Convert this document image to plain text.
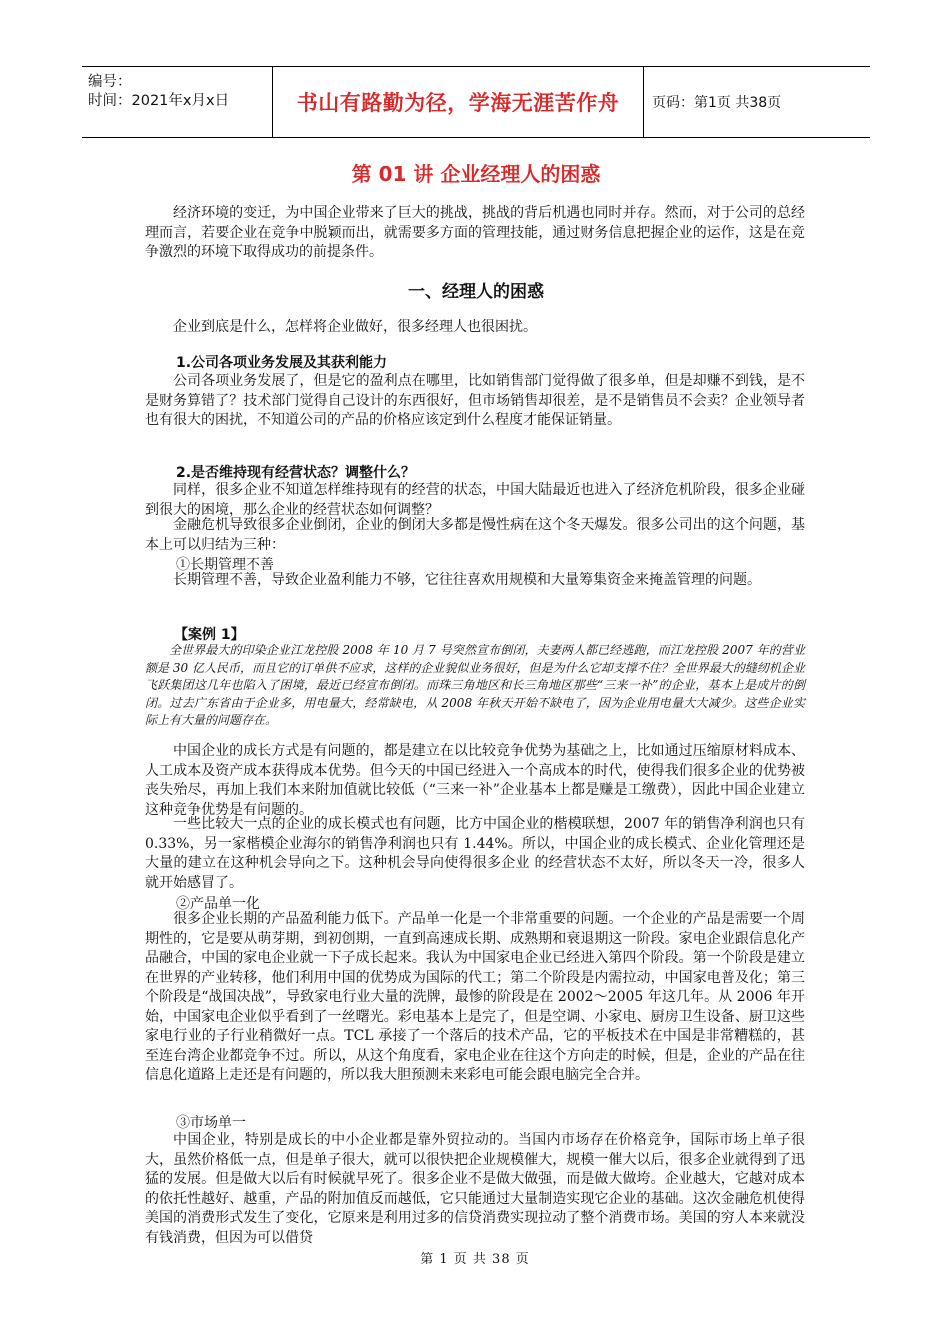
编号：
时间：2021年x月x日	书山有路勤为径，学海无涯苦作舟	页码：第1页 共38页
第 01 讲 企业经理人的困惑
经济环境的变迁，为中国企业带来了巨大的挑战，挑战的背后机遇也同时并存。然而，对于公司的总经理而言，若要企业在竞争中脱颖而出，就需要多方面的管理技能，通过财务信息把握企业的运作，这是在竞争激烈的环境下取得成功的前提条件。
一、经理人的困惑
企业到底是什么，怎样将企业做好，很多经理人也很困扰。
1.公司各项业务发展及其获利能力
公司各项业务发展了，但是它的盈利点在哪里，比如销售部门觉得做了很多单，但是却赚不到钱，是不是财务算错了？技术部门觉得自己设计的东西很好，但市场销售却很差，是不是销售员不会卖？企业领导者也有很大的困扰，不知道公司的产品的价格应该定到什么程度才能保证销量。
2.是否维持现有经营状态？调整什么？
同样，很多企业不知道怎样维持现有的经营的状态，中国大陆最近也进入了经济危机阶段，很多企业碰到很大的困境，那么企业的经营状态如何调整？
金融危机导致很多企业倒闭，企业的倒闭大多都是慢性病在这个冬天爆发。很多公司出的这个问题，基本上可以归结为三种：
①长期管理不善
长期管理不善，导致企业盈利能力不够，它往往喜欢用规模和大量筹集资金来掩盖管理的问题。
【案例 1】
全世界最大的印染企业江龙控股 2008 年 10 月 7 号突然宣布倒闭，夫妻两人都已经逃跑，而江龙控股 2007 年的营业额是 30 亿人民币，而且它的订单供不应求，这样的企业貌似业务很好，但是为什么它却支撑不住？全世界最大的缝纫机企业飞跃集团这几年也陷入了困境，最近已经宣布倒闭。而珠三角地区和长三角地区那些“三来一补”的企业，基本上是成片的倒闭。过去广东省由于企业多，用电量大，经常缺电，从 2008 年秋天开始不缺电了，因为企业用电量大大减少。这些企业实际上有大量的问题存在。
中国企业的成长方式是有问题的，都是建立在以比较竞争优势为基础之上，比如通过压缩原材料成本、人工成本及资产成本获得成本优势。但今天的中国已经进入一个高成本的时代，使得我们很多企业的优势被丧失殆尽，再加上我们本来附加值就比较低（“三来一补”企业基本上都是赚是工缴费），因此中国企业建立这种竞争优势是有问题的。
一些比较大一点的企业的成长模式也有问题，比方中国企业的楷模联想，2007 年的销售净利润也只有 0.33%，另一家楷模企业海尔的销售净利润也只有 1.44%。所以，中国企业的成长模式、企业化管理还是大量的建立在这种机会导向之下。这种机会导向使得很多企业 的经营状态不太好，所以冬天一冷，很多人就开始感冒了。
②产品单一化
很多企业长期的产品盈利能力低下。产品单一化是一个非常重要的问题。一个企业的产品是需要一个周期性的，它是要从萌芽期，到初创期，一直到高速成长期、成熟期和衰退期这一阶段。家电企业跟信息化产品融合，中国的家电企业就一下子成长起来。我认为中国家电企业已经进入第四个阶段。第一个阶段是建立在世界的产业转移，他们利用中国的优势成为国际的代工；第二个阶段是内需拉动，中国家电普及化；第三个阶段是“战国决战”，导致家电行业大量的洗牌，最惨的阶段是在 2002～2005 年这几年。从 2006 年开始，中国家电企业似乎看到了一丝曙光。彩电基本上是完了，但是空调、小家电、厨房卫生设备、厨卫这些家电行业的子行业稍微好一点。TCL 承接了一个落后的技术产品，它的平板技术在中国是非常糟糕的，甚至连台湾企业都竞争不过。所以，从这个角度看，家电企业在往这个方向走的时候，但是，企业的产品在往信息化道路上走还是有问题的，所以我大胆预测未来彩电可能会跟电脑完全合并。
③市场单一
中国企业，特别是成长的中小企业都是靠外贸拉动的。当国内市场存在价格竞争，国际市场上单子很大，虽然价格低一点，但是单子很大，就可以很快把企业规模催大，规模一催大以后，很多企业就得到了迅猛的发展。但是做大以后有时候就早死了。很多企业不是做大做强，而是做大做垮。企业越大，它越对成本的依托性越好、越重，产品的附加值反而越低，它只能通过大量制造实现它企业的基础。这次金融危机使得美国的消费形式发生了变化，它原来是利用过多的信贷消费实现拉动了整个消费市场。美国的穷人本来就没有钱消费，但因为可以借贷
第 1 页 共 38 页
